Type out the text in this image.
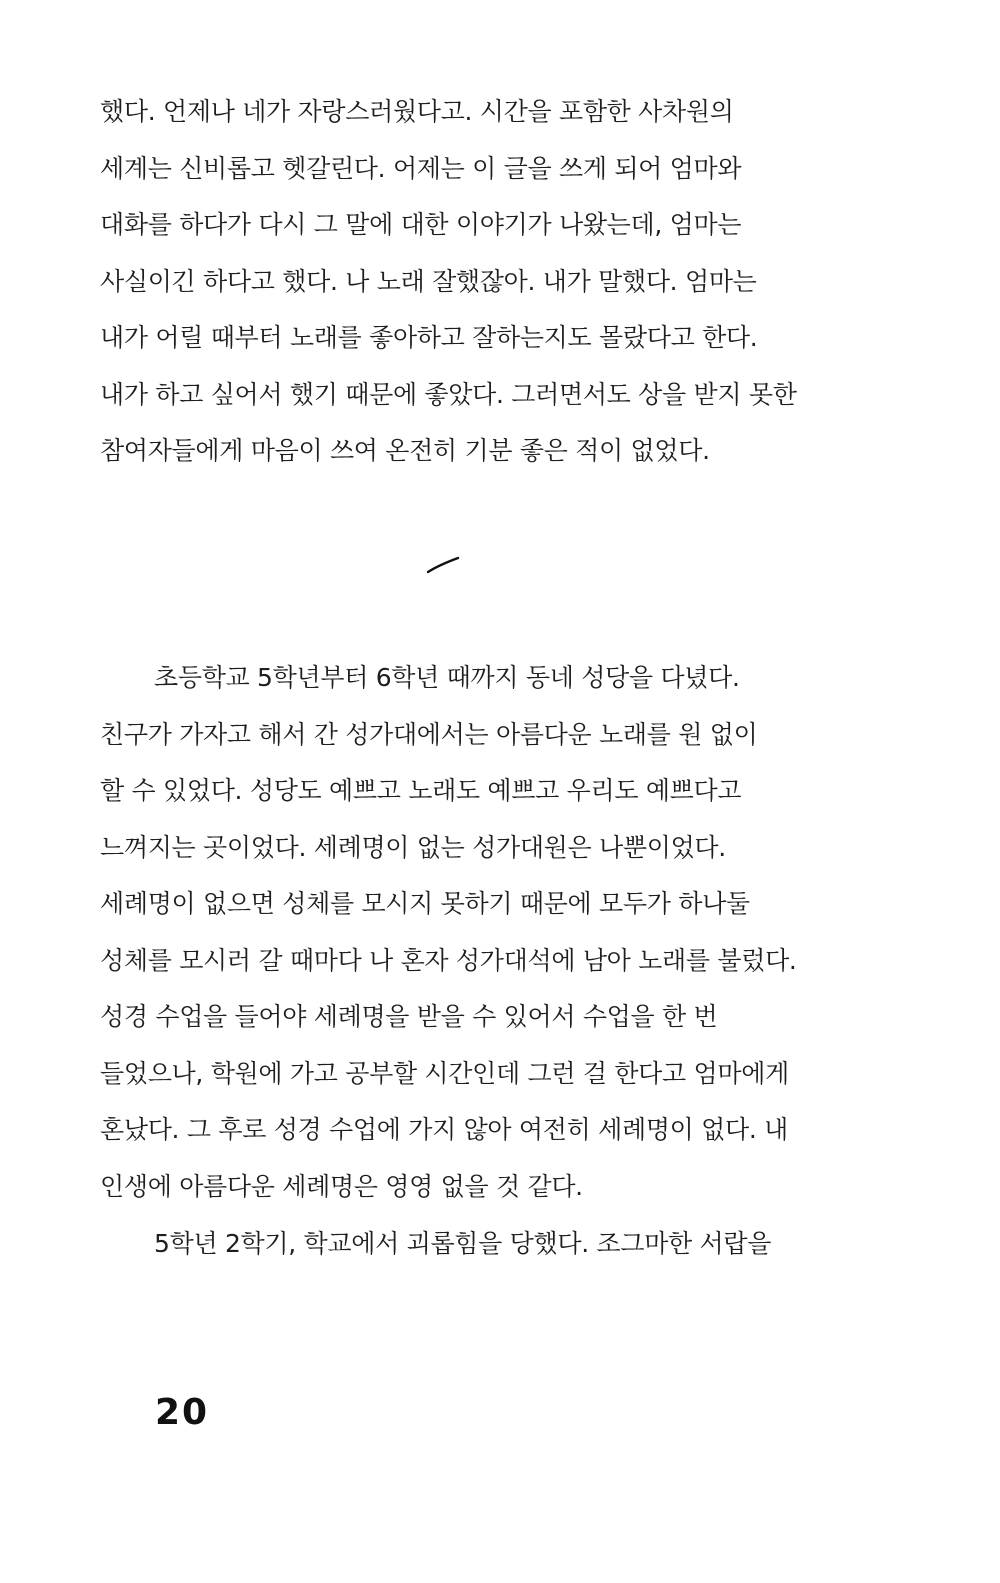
했다. 언제나 네가 자랑스러웠다고. 시간을 포함한 사차원의
세계는 신비롭고 헷갈린다. 어제는 이 글을 쓰게 되어 엄마와
대화를 하다가 다시 그 말에 대한 이야기가 나왔는데, 엄마는
사실이긴 하다고 했다. 나 노래 잘했잖아. 내가 말했다. 엄마는
내가 어릴 때부터 노래를 좋아하고 잘하는지도 몰랐다고 한다.
내가 하고 싶어서 했기 때문에 좋았다. 그러면서도 상을 받지 못한
참여자들에게 마음이 쓰여 온전히 기분 좋은 적이 없었다.
초등학교 5학년부터 6학년 때까지 동네 성당을 다녔다.
친구가 가자고 해서 간 성가대에서는 아름다운 노래를 원 없이
할 수 있었다. 성당도 예쁘고 노래도 예쁘고 우리도 예쁘다고
느껴지는 곳이었다. 세례명이 없는 성가대원은 나뿐이었다.
세례명이 없으면 성체를 모시지 못하기 때문에 모두가 하나둘
성체를 모시러 갈 때마다 나 혼자 성가대석에 남아 노래를 불렀다.
성경 수업을 들어야 세례명을 받을 수 있어서 수업을 한 번
들었으나, 학원에 가고 공부할 시간인데 그런 걸 한다고 엄마에게
혼났다. 그 후로 성경 수업에 가지 않아 여전히 세례명이 없다. 내
인생에 아름다운 세례명은 영영 없을 것 같다.
5학년 2학기, 학교에서 괴롭힘을 당했다. 조그마한 서랍을
20
